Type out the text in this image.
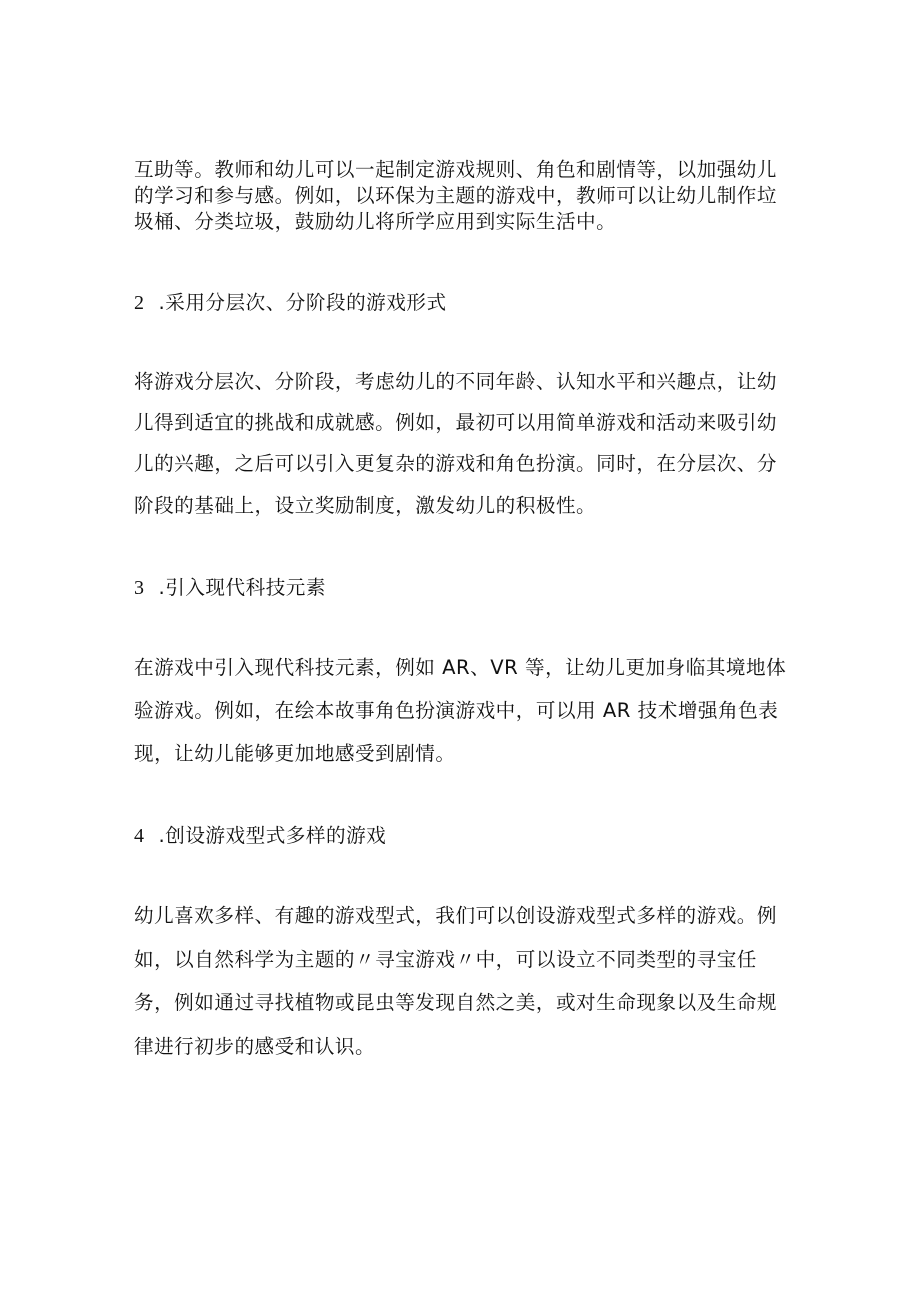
互助等。教师和幼儿可以一起制定游戏规则、角色和剧情等，以加强幼儿
的学习和参与感。例如，以环保为主题的游戏中，教师可以让幼儿制作垃
圾桶、分类垃圾，鼓励幼儿将所学应用到实际生活中。
2 .采用分层次、分阶段的游戏形式
将游戏分层次、分阶段，考虑幼儿的不同年龄、认知水平和兴趣点，让幼
儿得到适宜的挑战和成就感。例如，最初可以用简单游戏和活动来吸引幼
儿的兴趣，之后可以引入更复杂的游戏和角色扮演。同时，在分层次、分
阶段的基础上，设立奖励制度，激发幼儿的积极性。
3 .引入现代科技元素
在游戏中引入现代科技元素，例如 AR、VR 等，让幼儿更加身临其境地体
验游戏。例如，在绘本故事角色扮演游戏中，可以用 AR 技术增强角色表
现，让幼儿能够更加地感受到剧情。
4 .创设游戏型式多样的游戏
幼儿喜欢多样、有趣的游戏型式，我们可以创设游戏型式多样的游戏。例
如，以自然科学为主题的〃寻宝游戏〃中，可以设立不同类型的寻宝任
务，例如通过寻找植物或昆虫等发现自然之美，或对生命现象以及生命规
律进行初步的感受和认识。
